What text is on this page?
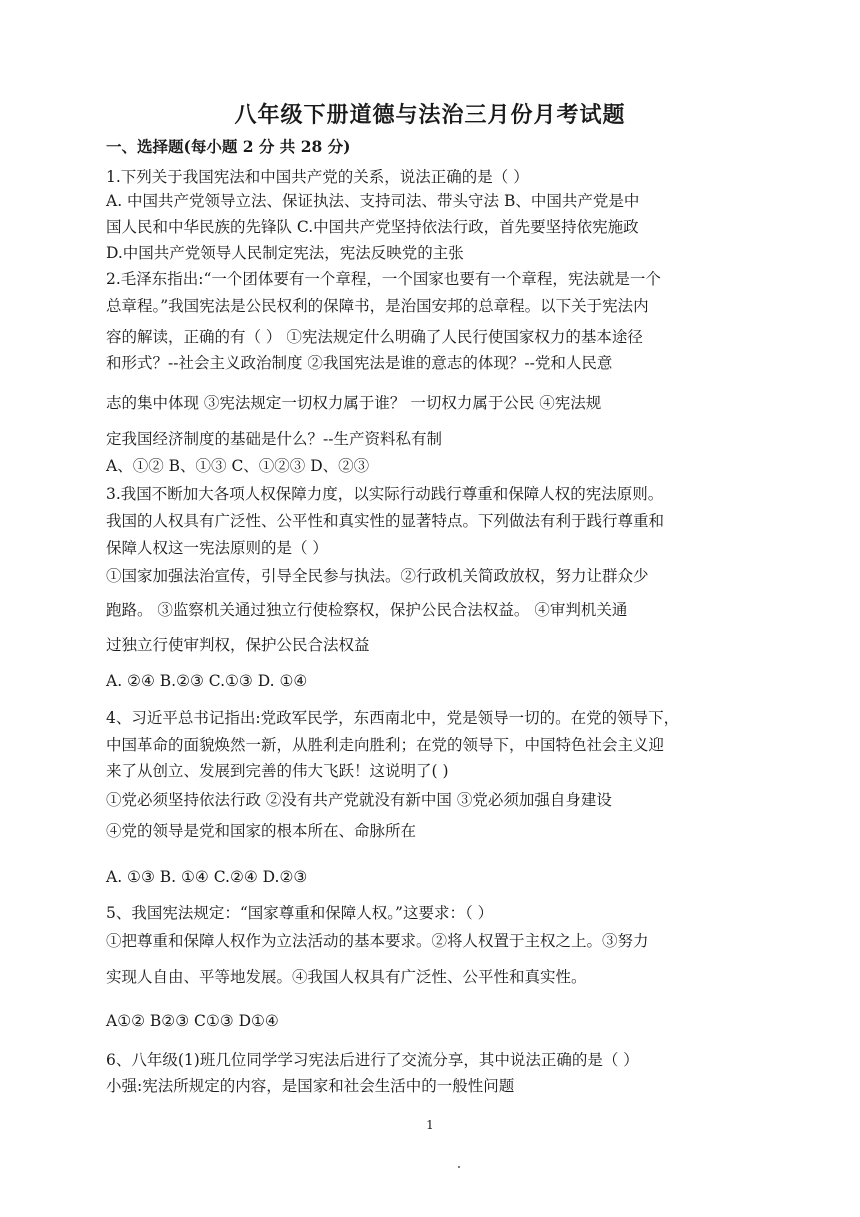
八年级下册道德与法治三月份月考试题
一、选择题(每小题 2 分 共 28 分)
1.下列关于我国宪法和中国共产党的关系，说法正确的是（ ）
A. 中国共产党领导立法、保证执法、支持司法、带头守法 B、中国共产党是中
国人民和中华民族的先锋队 C.中国共产党坚持依法行政，首先要坚持依宪施政
D.中国共产党领导人民制定宪法，宪法反映党的主张
2.毛泽东指出:“一个团体要有一个章程，一个国家也要有一个章程，宪法就是一个
总章程。”我国宪法是公民权利的保障书，是治国安邦的总章程。以下关于宪法内
容的解读，正确的有（ ） ①宪法规定什么明确了人民行使国家权力的基本途径
和形式？--社会主义政治制度 ②我国宪法是谁的意志的体现？--党和人民意
志的集中体现 ③宪法规定一切权力属于谁？ 一切权力属于公民 ④宪法规
定我国经济制度的基础是什么？--生产资料私有制
A、①② B、①③ C、①②③ D、②③
3.我国不断加大各项人权保障力度，以实际行动践行尊重和保障人权的宪法原则。
我国的人权具有广泛性、公平性和真实性的显著特点。下列做法有利于践行尊重和
保障人权这一宪法原则的是（ ）
①国家加强法治宣传，引导全民参与执法。②行政机关简政放权，努力让群众少
跑路。 ③监察机关通过独立行使检察权，保护公民合法权益。 ④审判机关通
过独立行使审判权，保护公民合法权益
A. ②④ B.②③ C.①③ D. ①④
4、习近平总书记指出:党政军民学，东西南北中，党是领导一切的。在党的领导下，
中国革命的面貌焕然一新，从胜利走向胜利；在党的领导下，中国特色社会主义迎
来了从创立、发展到完善的伟大飞跃！这说明了( )
①党必须坚持依法行政 ②没有共产党就没有新中国 ③党必须加强自身建设
④党的领导是党和国家的根本所在、命脉所在
A. ①③ B. ①④ C.②④ D.②③
5、我国宪法规定：“国家尊重和保障人权。”这要求：（ ）
①把尊重和保障人权作为立法活动的基本要求。②将人权置于主权之上。③努力
实现人自由、平等地发展。④我国人权具有广泛性、公平性和真实性。
A①② B②③ C①③ D①④
6、八年级(1)班几位同学学习宪法后进行了交流分享，其中说法正确的是（ ）
小强:宪法所规定的内容，是国家和社会生活中的一般性问题
1
